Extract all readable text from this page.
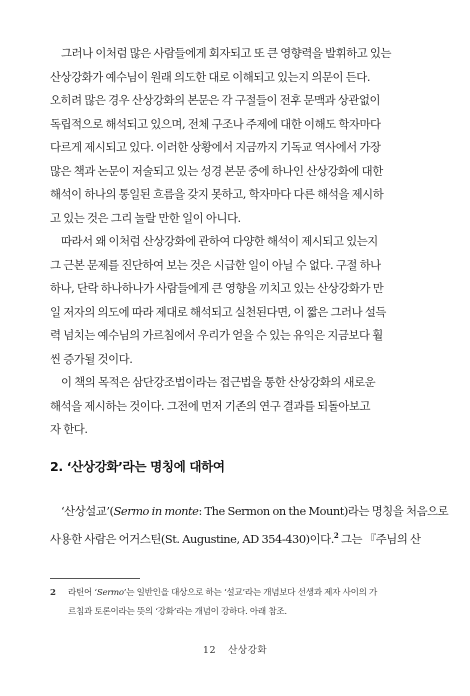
그러나 이처럼 많은 사람들에게 회자되고 또 큰 영향력을 발휘하고 있는
산상강화가 예수님이 원래 의도한 대로 이해되고 있는지 의문이 든다.
오히려 많은 경우 산상강화의 본문은 각 구절들이 전후 문맥과 상관없이
독립적으로 해석되고 있으며, 전체 구조나 주제에 대한 이해도 학자마다
다르게 제시되고 있다. 이러한 상황에서 지금까지 기독교 역사에서 가장
많은 책과 논문이 저술되고 있는 성경 본문 중에 하나인 산상강화에 대한
해석이 하나의 통일된 흐름을 갖지 못하고, 학자마다 다른 해석을 제시하
고 있는 것은 그리 놀랄 만한 일이 아니다.
따라서 왜 이처럼 산상강화에 관하여 다양한 해석이 제시되고 있는지
그 근본 문제를 진단하여 보는 것은 시급한 일이 아닐 수 없다. 구절 하나
하나, 단락 하나하나가 사람들에게 큰 영향을 끼치고 있는 산상강화가 만
일 저자의 의도에 따라 제대로 해석되고 실천된다면, 이 짧은 그러나 설득
력 넘치는 예수님의 가르침에서 우리가 얻을 수 있는 유익은 지금보다 훨
씬 증가될 것이다.
이 책의 목적은 삼단강조법이라는 접근법을 통한 산상강화의 새로운
해석을 제시하는 것이다. 그전에 먼저 기존의 연구 결과를 되돌아보고
자 한다.
2. ‘산상강화’라는 명칭에 대하여
‘산상설교’(Sermo in monte: The Sermon on the Mount)라는 명칭을 처음으로
사용한 사람은 어거스틴(St. Augustine, AD 354-430)이다.$^2$ 그는 『주님의 산
2 라틴어 ‘Sermo’는 일반인을 대상으로 하는 ‘설교’라는 개념보다 선생과 제자 사이의 가
르침과 토론이라는 뜻의 ‘강화’라는 개념이 강하다. 아래 참조.
12 산상강화
